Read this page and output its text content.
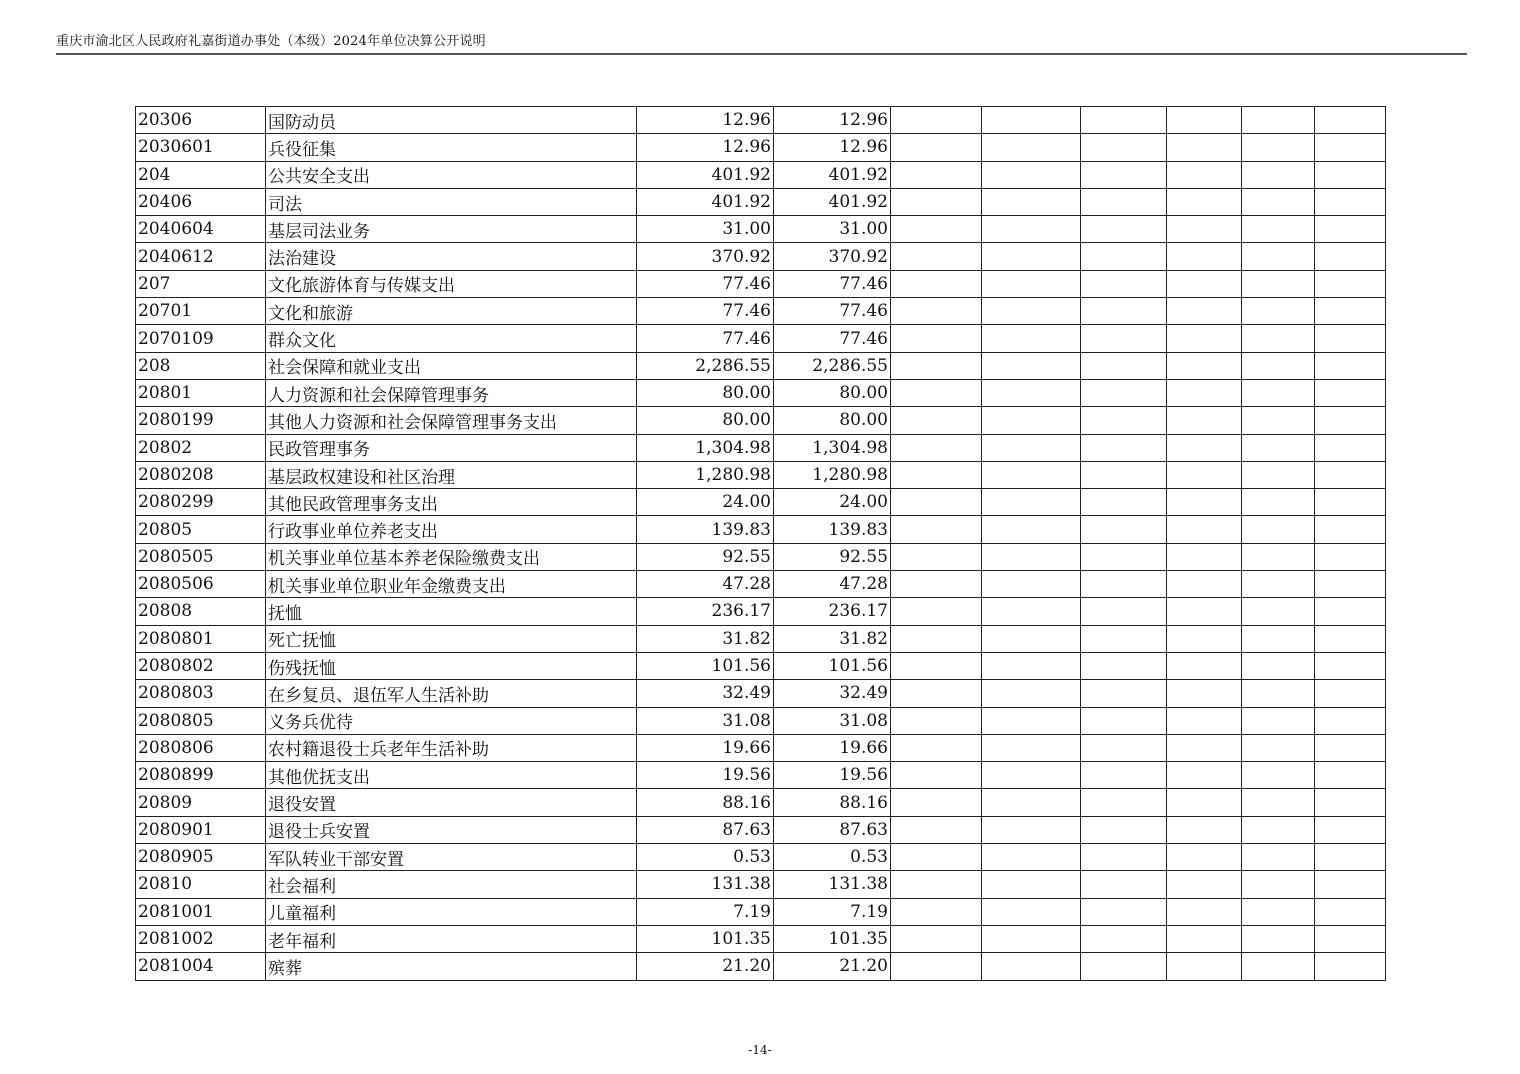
重庆市渝北区人民政府礼嘉街道办事处（本级）2024年单位决算公开说明
20306	国防动员	12.96	12.96						
2030601	兵役征集	12.96	12.96						
204	公共安全支出	401.92	401.92						
20406	司法	401.92	401.92						
2040604	基层司法业务	31.00	31.00						
2040612	法治建设	370.92	370.92						
207	文化旅游体育与传媒支出	77.46	77.46						
20701	文化和旅游	77.46	77.46						
2070109	群众文化	77.46	77.46						
208	社会保障和就业支出	2,286.55	2,286.55						
20801	人力资源和社会保障管理事务	80.00	80.00						
2080199	其他人力资源和社会保障管理事务支出	80.00	80.00						
20802	民政管理事务	1,304.98	1,304.98						
2080208	基层政权建设和社区治理	1,280.98	1,280.98						
2080299	其他民政管理事务支出	24.00	24.00						
20805	行政事业单位养老支出	139.83	139.83						
2080505	机关事业单位基本养老保险缴费支出	92.55	92.55						
2080506	机关事业单位职业年金缴费支出	47.28	47.28						
20808	抚恤	236.17	236.17						
2080801	死亡抚恤	31.82	31.82						
2080802	伤残抚恤	101.56	101.56						
2080803	在乡复员、退伍军人生活补助	32.49	32.49						
2080805	义务兵优待	31.08	31.08						
2080806	农村籍退役士兵老年生活补助	19.66	19.66						
2080899	其他优抚支出	19.56	19.56						
20809	退役安置	88.16	88.16						
2080901	退役士兵安置	87.63	87.63						
2080905	军队转业干部安置	0.53	0.53						
20810	社会福利	131.38	131.38						
2081001	儿童福利	7.19	7.19						
2081002	老年福利	101.35	101.35						
2081004	殡葬	21.20	21.20						
-14-
